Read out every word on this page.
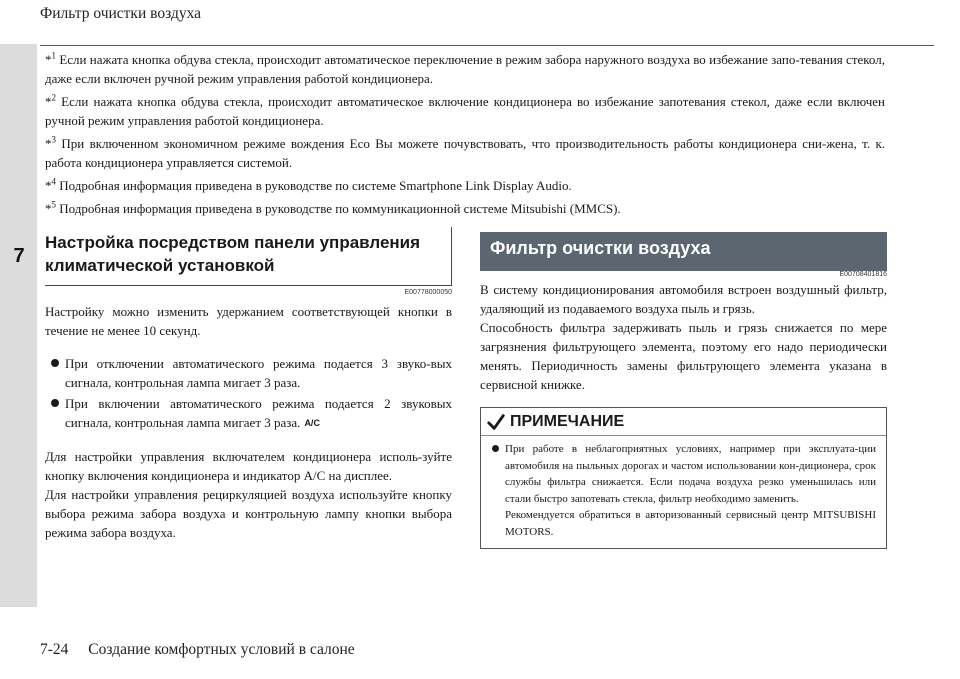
7
Фильтр очистки воздуха

*$^1$ Если нажата кнопка обдува стекла, происходит автоматическое переключение в режим забора наружного воздуха во избежание запо-тевания стекол, даже если включен ручной режим управления работой кондиционера.

*$^2$ Если нажата кнопка обдува стекла, происходит автоматическое включение кондиционера во избежание запотевания стекол, даже если включен ручной режим управления работой кондиционера.

*$^3$ При включенном экономичном режиме вождения Eco Вы можете почувствовать, что производительность работы кондиционера сни-жена, т. к. работа кондиционера управляется системой.

*$^4$ Подробная информация приведена в руководстве по системе Smartphone Link Display Audio.

*$^5$ Подробная информация приведена в руководстве по коммуникационной системе Mitsubishi (MMCS).

Настройка посредством панели управления климатической установкой
E00778000050

Настройку можно изменить удержанием соответствующей кнопки в течение не менее 10 секунд.

При отключении автоматического режима подается 3 звуко-вых сигнала, контрольная лампа мигает 3 раза.
При включении автоматического режима подается 2 звуковых сигнала, контрольная лампа мигает 3 раза. A/C

Для настройки управления включателем кондиционера исполь-зуйте кнопку включения кондиционера и индикатор A/C на дисплее.

Для настройки управления рециркуляцией воздуха используйте кнопку выбора режима забора воздуха и контрольную лампу кнопки выбора режима забора воздуха.

Фильтр очистки воздуха
E00708401816

В систему кондиционирования автомобиля встроен воздушный фильтр, удаляющий из подаваемого воздуха пыль и грязь.

Способность фильтра задерживать пыль и грязь снижается по мере загрязнения фильтрующего элемента, поэтому его надо периодически менять. Периодичность замены фильтрующего элемента указана в сервисной книжке.

ПРИМЕЧАНИЕ
При работе в неблагоприятных условиях, например при эксплуата-ции автомобиля на пыльных дорогах и частом использовании кон-диционера, срок службы фильтра снижается. Если подача воздуха резко уменьшилась или стали быстро запотевать стекла, фильтр необходимо заменить.
Рекомендуется обратиться в авторизованный сервисный центр MITSUBISHI MOTORS.
7-24 Создание комфортных условий в салоне
